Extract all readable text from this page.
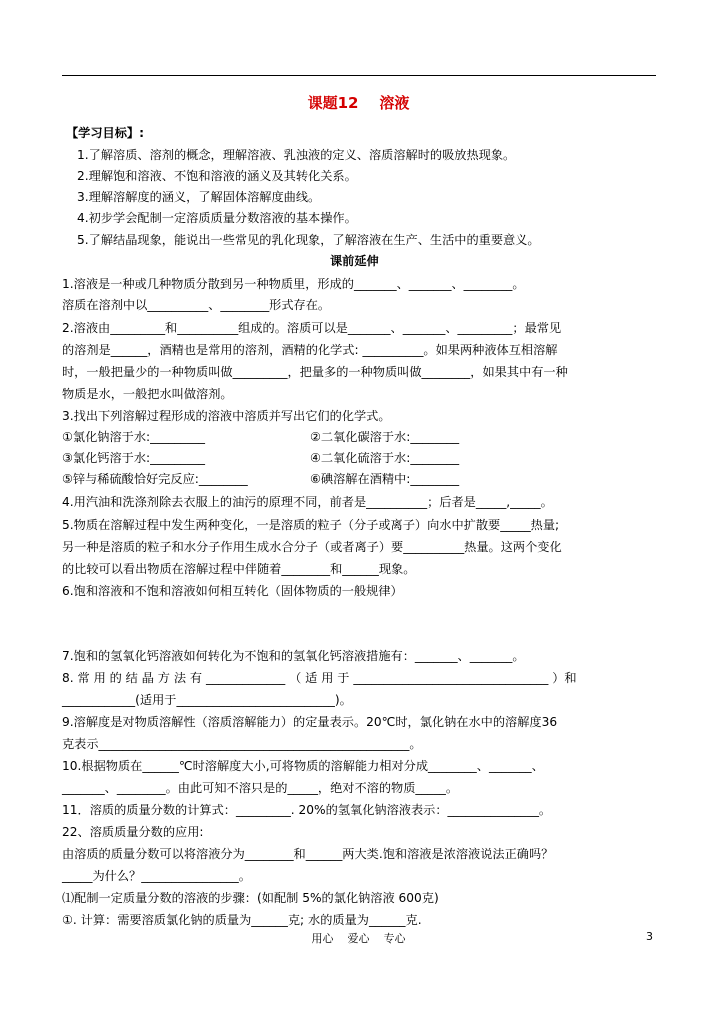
课题12    溶液
【学习目标】:
1.了解溶质、溶剂的概念，理解溶液、乳浊液的定义、溶质溶解时的吸放热现象。
2.理解饱和溶液、不饱和溶液的涵义及其转化关系。
3.理解溶解度的涵义，了解固体溶解度曲线。
4.初步学会配制一定溶质质量分数溶液的基本操作。
5.了解结晶现象，能说出一些常见的乳化现象，了解溶液在生产、生活中的重要意义。
课前延伸
1.溶液是一种或几种物质分散到另一种物质里，形成的_______、_______、________。
溶质在溶剂中以__________、________形式存在。
2.溶液由_________和__________组成的。溶质可以是_______、_______、_________；最常见
的溶剂是______，酒精也是常用的溶剂，酒精的化学式: __________。如果两种液体互相溶解
时，一般把量少的一种物质叫做_________，把量多的一种物质叫做________，如果其中有一种
物质是水，一般把水叫做溶剂。
3.找出下列溶解过程形成的溶液中溶质并写出它们的化学式。
①氯化钠溶于水:_________	②二氧化碳溶于水:________
③氯化钙溶于水:_________	④二氧化硫溶于水:________
⑤锌与稀硫酸恰好完反应:________	⑥碘溶解在酒精中:________
4.用汽油和洗涤剂除去衣服上的油污的原理不同，前者是__________；后者是_____,_____。
5.物质在溶解过程中发生两种变化，一是溶质的粒子（分子或离子）向水中扩散要_____热量;
另一种是溶质的粒子和水分子作用生成水合分子（或者离子）要__________热量。这两个变化
的比较可以看出物质在溶解过程中伴随着________和______现象。
6.饱和溶液和不饱和溶液如何相互转化（固体物质的一般规律）
7.饱和的氢氧化钙溶液如何转化为不饱和的氢氧化钙溶液措施有：_______、_______。
8. 常 用 的 结 晶 方 法 有 _____________ （ 适 用 于 ________________________________ ）和
____________(适用于__________________________)。
9.溶解度是对物质溶解性（溶质溶解能力）的定量表示。20℃时，氯化钠在水中的溶解度36
克表示___________________________________________________。
10.根据物质在______℃时溶解度大小,可将物质的溶解能力相对分成________、_______、
_______、________。由此可知不溶只是的_____，绝对不溶的物质_____。
11．溶质的质量分数的计算式：_________. 20%的氢氧化钠溶液表示：_______________。
22、溶质质量分数的应用:
由溶质的质量分数可以将溶液分为________和______两大类.饱和溶液是浓溶液说法正确吗？
_____为什么？________________。
⑴配制一定质量分数的溶液的步骤：(如配制 5%的氯化钠溶液 600克)
①. 计算：需要溶质氯化钠的质量为______克; 水的质量为______克.
用心    爱心    专心	3
